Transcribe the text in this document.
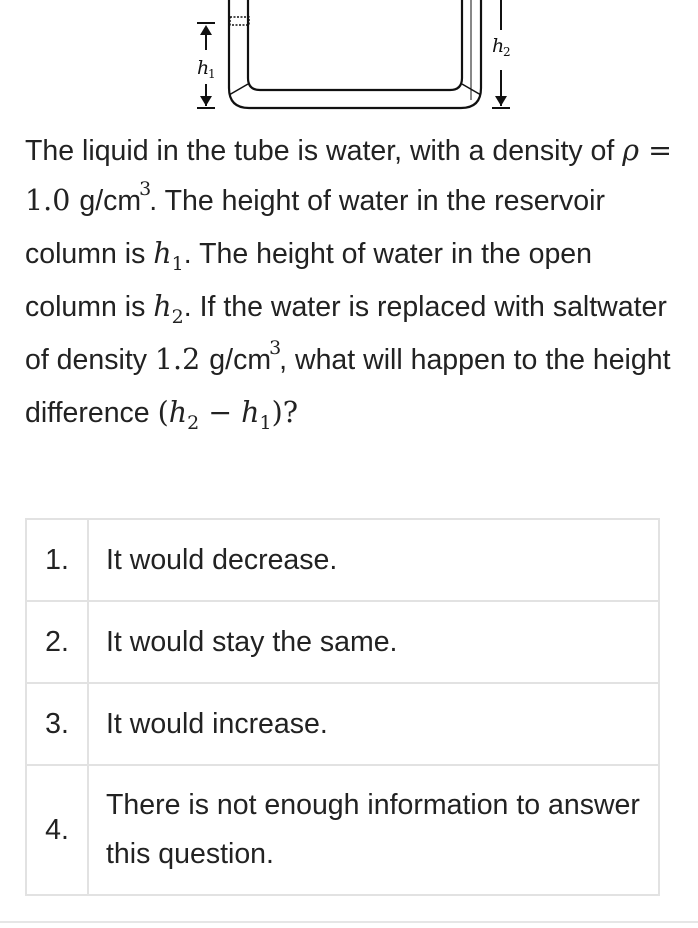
h
1
h
2
The liquid in the tube is water, with a density of ρ = 1.0 $g/cm^3$. The height of water in the reservoir column is $h_1$. The height of water in the open column is $h_2$. If the water is replaced with saltwater of density 1.2 $g/cm^3$, what will happen to the height difference $(h_2 - h_1)$?
1.	It would decrease.
2.	It would stay the same.
3.	It would increase.
4.	There is not enough information to answer this question.
